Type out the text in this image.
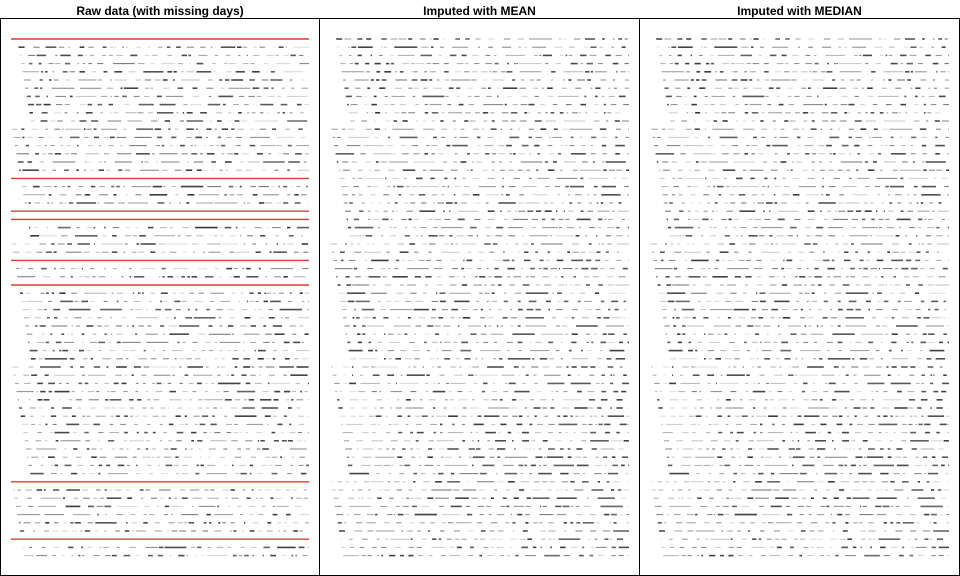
Raw data (with missing days)	Imputed with MEAN	Imputed with MEDIAN
